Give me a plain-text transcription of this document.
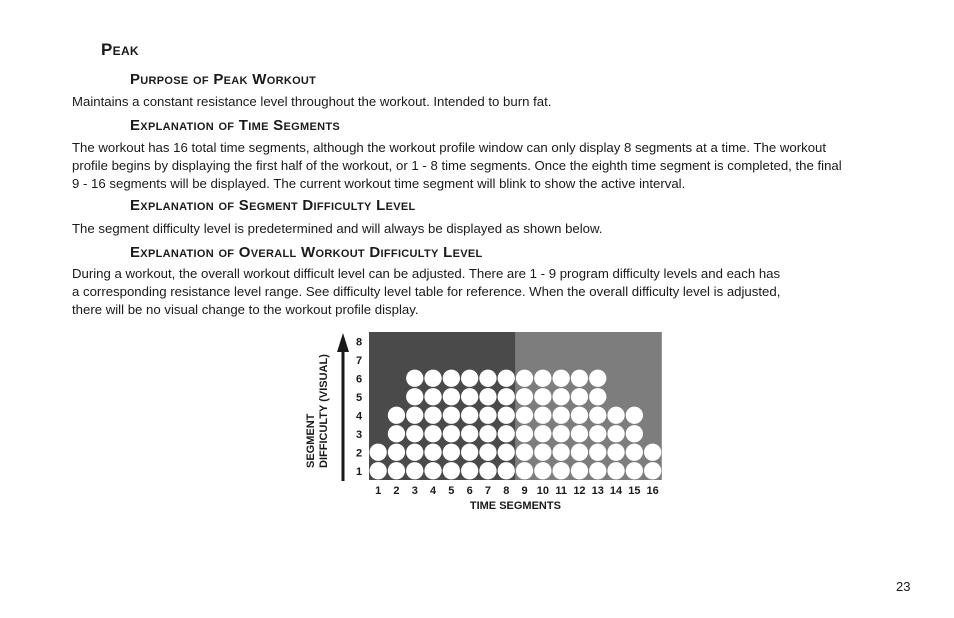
Peak
Purpose of Peak Workout
Maintains a constant resistance level throughout the workout. Intended to burn fat.
Explanation of Time Segments
The workout has 16 total time segments, although the workout profile window can only display 8 segments at a time. The workout
profile begins by displaying the first half of the workout, or 1 - 8 time segments. Once the eighth time segment is completed, the final
9 - 16 segments will be displayed. The current workout time segment will blink to show the active interval.
Explanation of Segment Difficulty Level
The segment difficulty level is predetermined and will always be displayed as shown below.
Explanation of Overall Workout Difficulty Level
During a workout, the overall workout difficult level can be adjusted. There are 1 - 9 program difficulty levels and each has
a corresponding resistance level range. See difficulty level table for reference. When the overall difficulty level is adjusted,
there will be no visual change to the workout profile display.
1
2
3
4
5
6
7
8
1 2 3 4 5 6 7 8 9 10 11 12 13 14 15 16
TIME SEGMENTS
SEGMENT DIFFICULTY (VISUAL)
23
